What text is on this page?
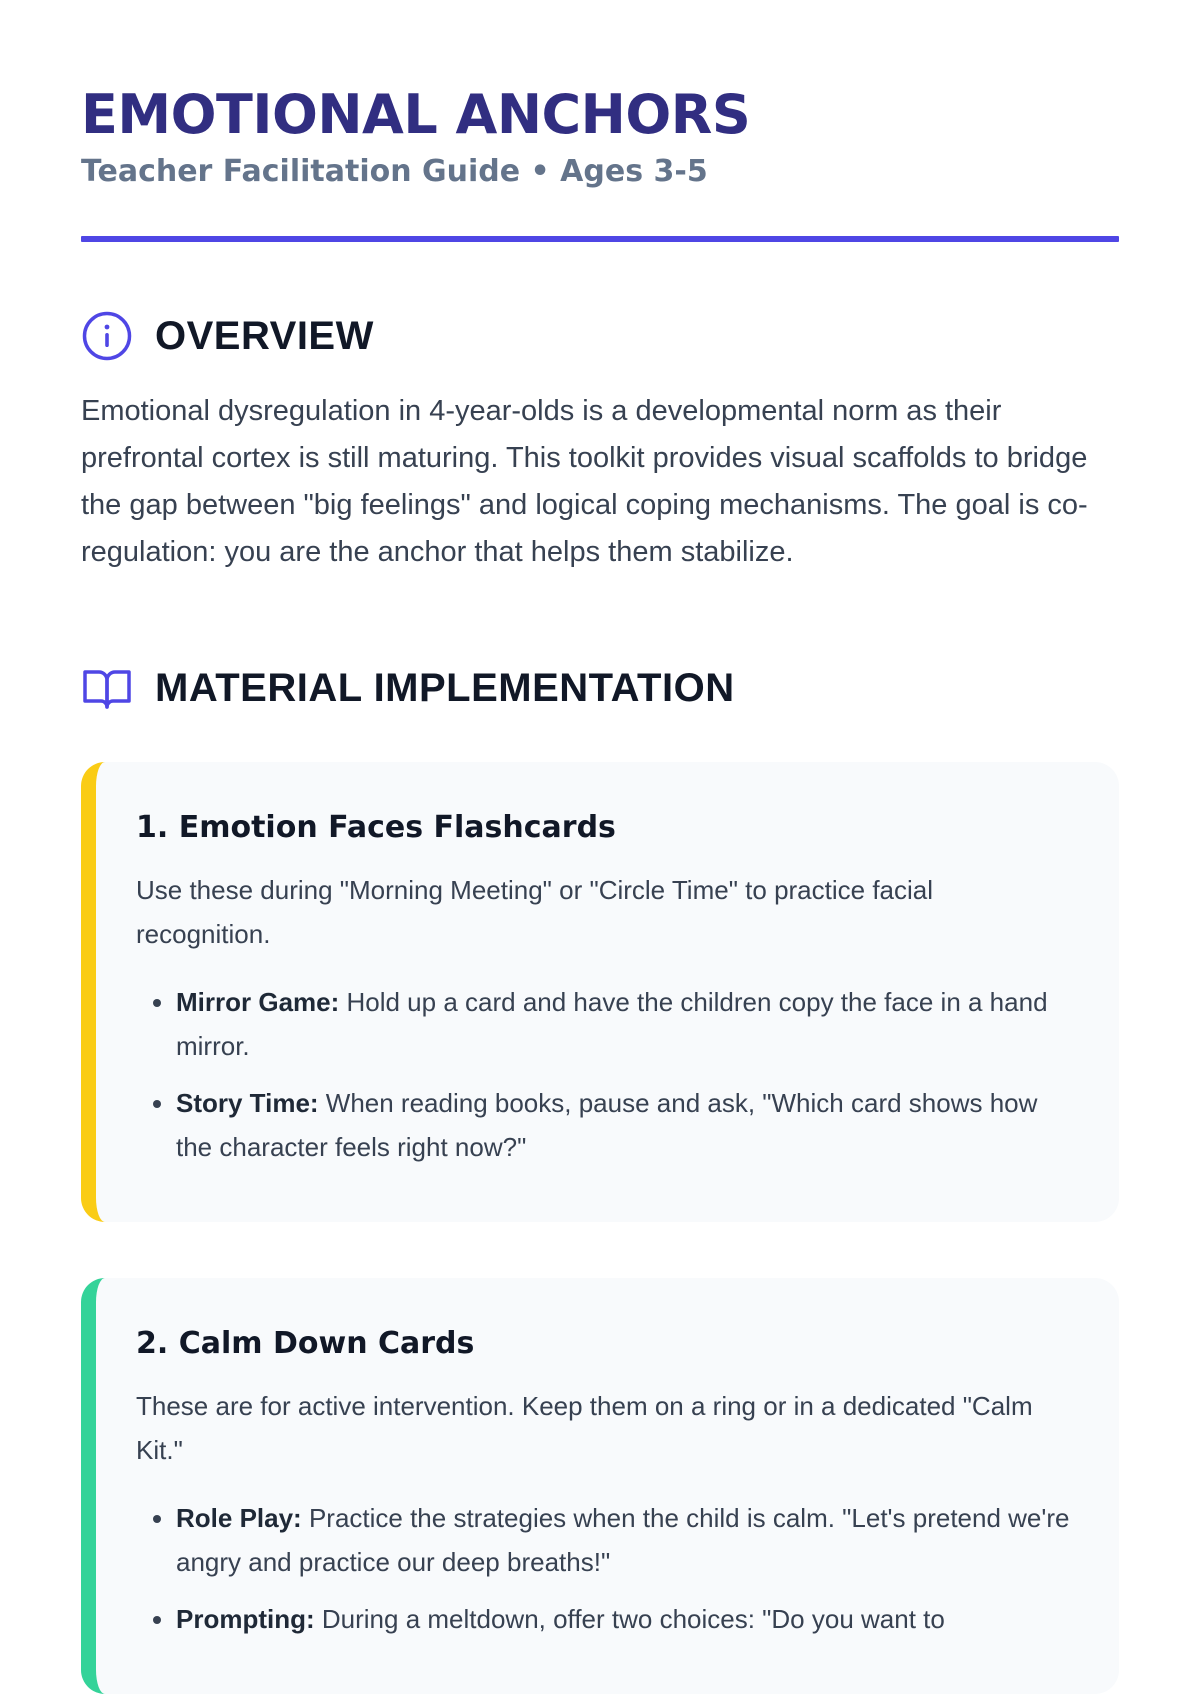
EMOTIONAL ANCHORS

Teacher Facilitation Guide • Ages 3-5

OVERVIEW

Emotional dysregulation in 4-year-olds is a developmental norm as their prefrontal cortex is still maturing. This toolkit provides visual scaffolds to bridge the gap between "big feelings" and logical coping mechanisms. The goal is co-regulation: you are the anchor that helps them stabilize.

MATERIAL IMPLEMENTATION
1. Emotion Faces Flashcards

Use these during "Morning Meeting" or "Circle Time" to practice facial recognition.

• Mirror Game: Hold up a card and have the children copy the face in a hand mirror.
• Story Time: When reading books, pause and ask, "Which card shows how the character feels right now?"
2. Calm Down Cards

These are for active intervention. Keep them on a ring or in a dedicated "Calm Kit."

• Role Play: Practice the strategies when the child is calm. "Let's pretend we're angry and practice our deep breaths!"
• Prompting: During a meltdown, offer two choices: "Do you want to
